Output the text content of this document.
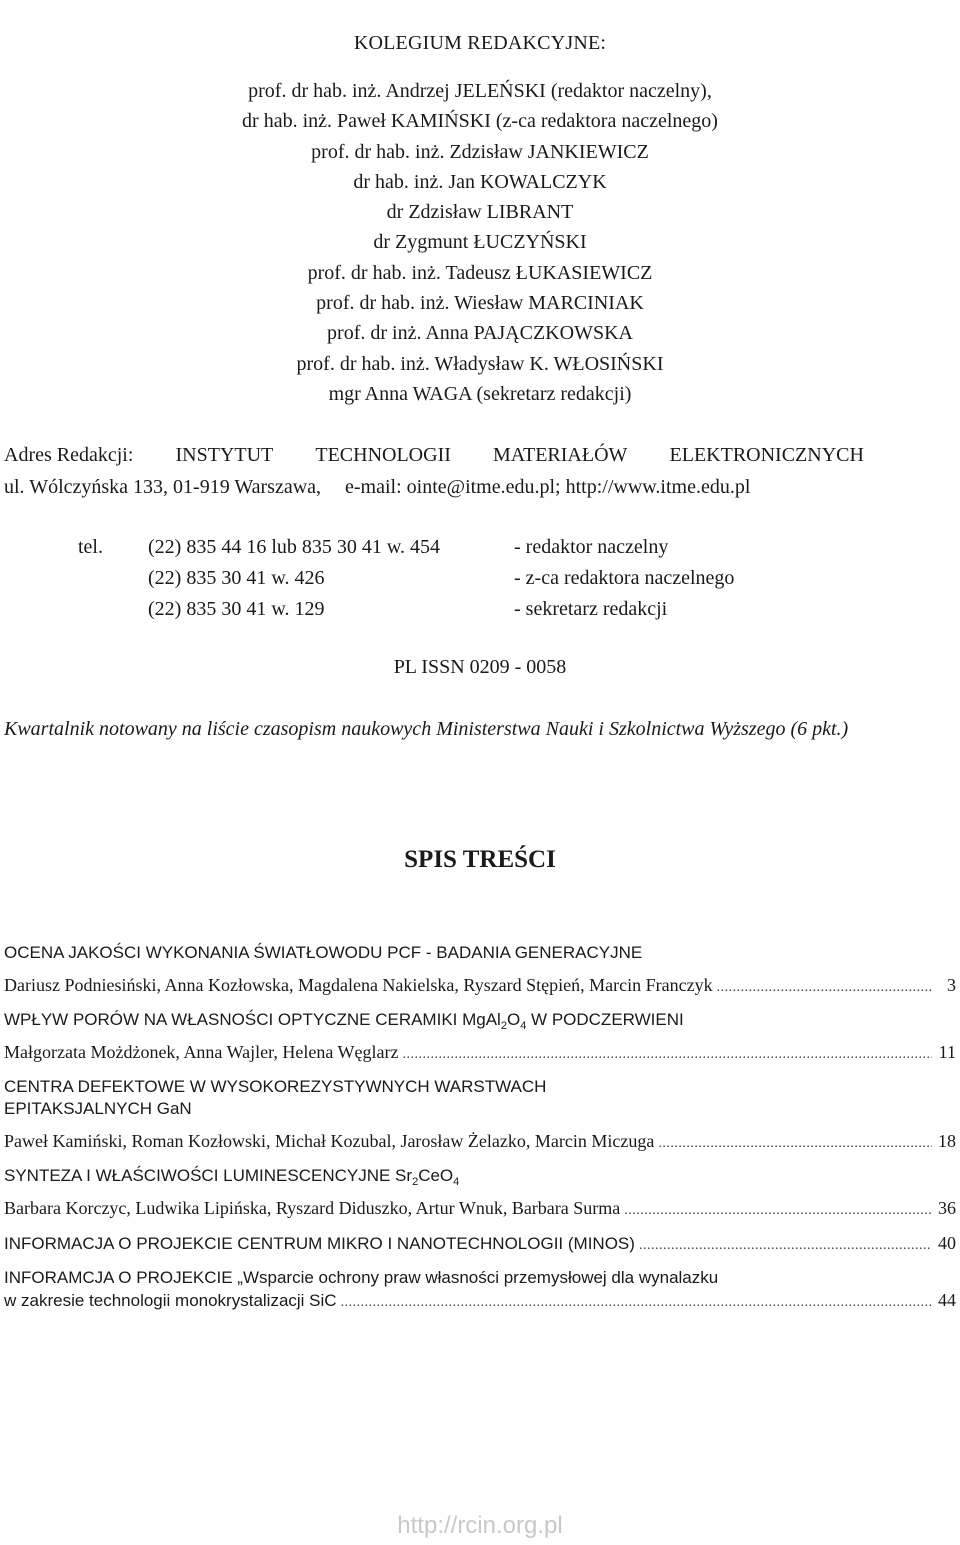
KOLEGIUM REDAKCYJNE:
prof. dr hab. inż. Andrzej JELEŃSKI (redaktor naczelny),
dr hab. inż. Paweł KAMIŃSKI (z-ca redaktora naczelnego)
prof. dr hab. inż. Zdzisław JANKIEWICZ
dr hab. inż. Jan KOWALCZYK
dr Zdzisław LIBRANT
dr Zygmunt ŁUCZYŃSKI
prof. dr hab. inż. Tadeusz ŁUKASIEWICZ
prof. dr hab. inż. Wiesław MARCINIAK
prof. dr inż. Anna PAJĄCZKOWSKA
prof. dr hab. inż. Władysław K. WŁOSIŃSKI
mgr Anna WAGA (sekretarz redakcji)
Adres Redakcji: INSTYTUT TECHNOLOGII MATERIAŁÓW ELEKTRONICZNYCH
ul. Wólczyńska 133, 01-919 Warszawa, e-mail: ointe@itme.edu.pl; http://www.itme.edu.pl
tel. (22) 835 44 16 lub 835 30 41 w. 454	- redaktor naczelny
(22) 835 30 41 w. 426	- z-ca redaktora naczelnego
(22) 835 30 41 w. 129	- sekretarz redakcji
PL ISSN 0209 - 0058
Kwartalnik notowany na liście czasopism naukowych Ministerstwa Nauki i Szkolnictwa Wyższego (6 pkt.)
SPIS TREŚCI
OCENA JAKOŚCI WYKONANIA ŚWIATŁOWODU PCF - BADANIA GENERACYJNE
Dariusz Podniesiński, Anna Kozłowska, Magdalena Nakielska, Ryszard Stępień, Marcin Franczyk .....	3
WPŁYW PORÓW NA WŁASNOŚCI OPTYCZNE CERAMIKI $MgAl_2O_4$ W PODCZERWIENI
Małgorzata Możdżonek, Anna Wajler, Helena Węglarz .....	11
CENTRA DEFEKTOWE W WYSOKOREZYSTYWNYCH WARSTWACH
EPITAKSJALNYCH GaN
Paweł Kamiński, Roman Kozłowski, Michał Kozubal, Jarosław Żelazko, Marcin Miczuga .....	18
SYNTEZA I WŁAŚCIWOŚCI LUMINESCENCYJNE $Sr_2CeO_4$
Barbara Korczyc, Ludwika Lipińska, Ryszard Diduszko, Artur Wnuk, Barbara Surma .....	36
INFORMACJA O PROJEKCIE CENTRUM MIKRO I NANOTECHNOLOGII (MINOS) .....	40
INFORAMCJA O PROJEKCIE „Wsparcie ochrony praw własności przemysłowej dla wynalazku
w zakresie technologii monokrystalizacji SiC .....	44
http://rcin.org.pl
